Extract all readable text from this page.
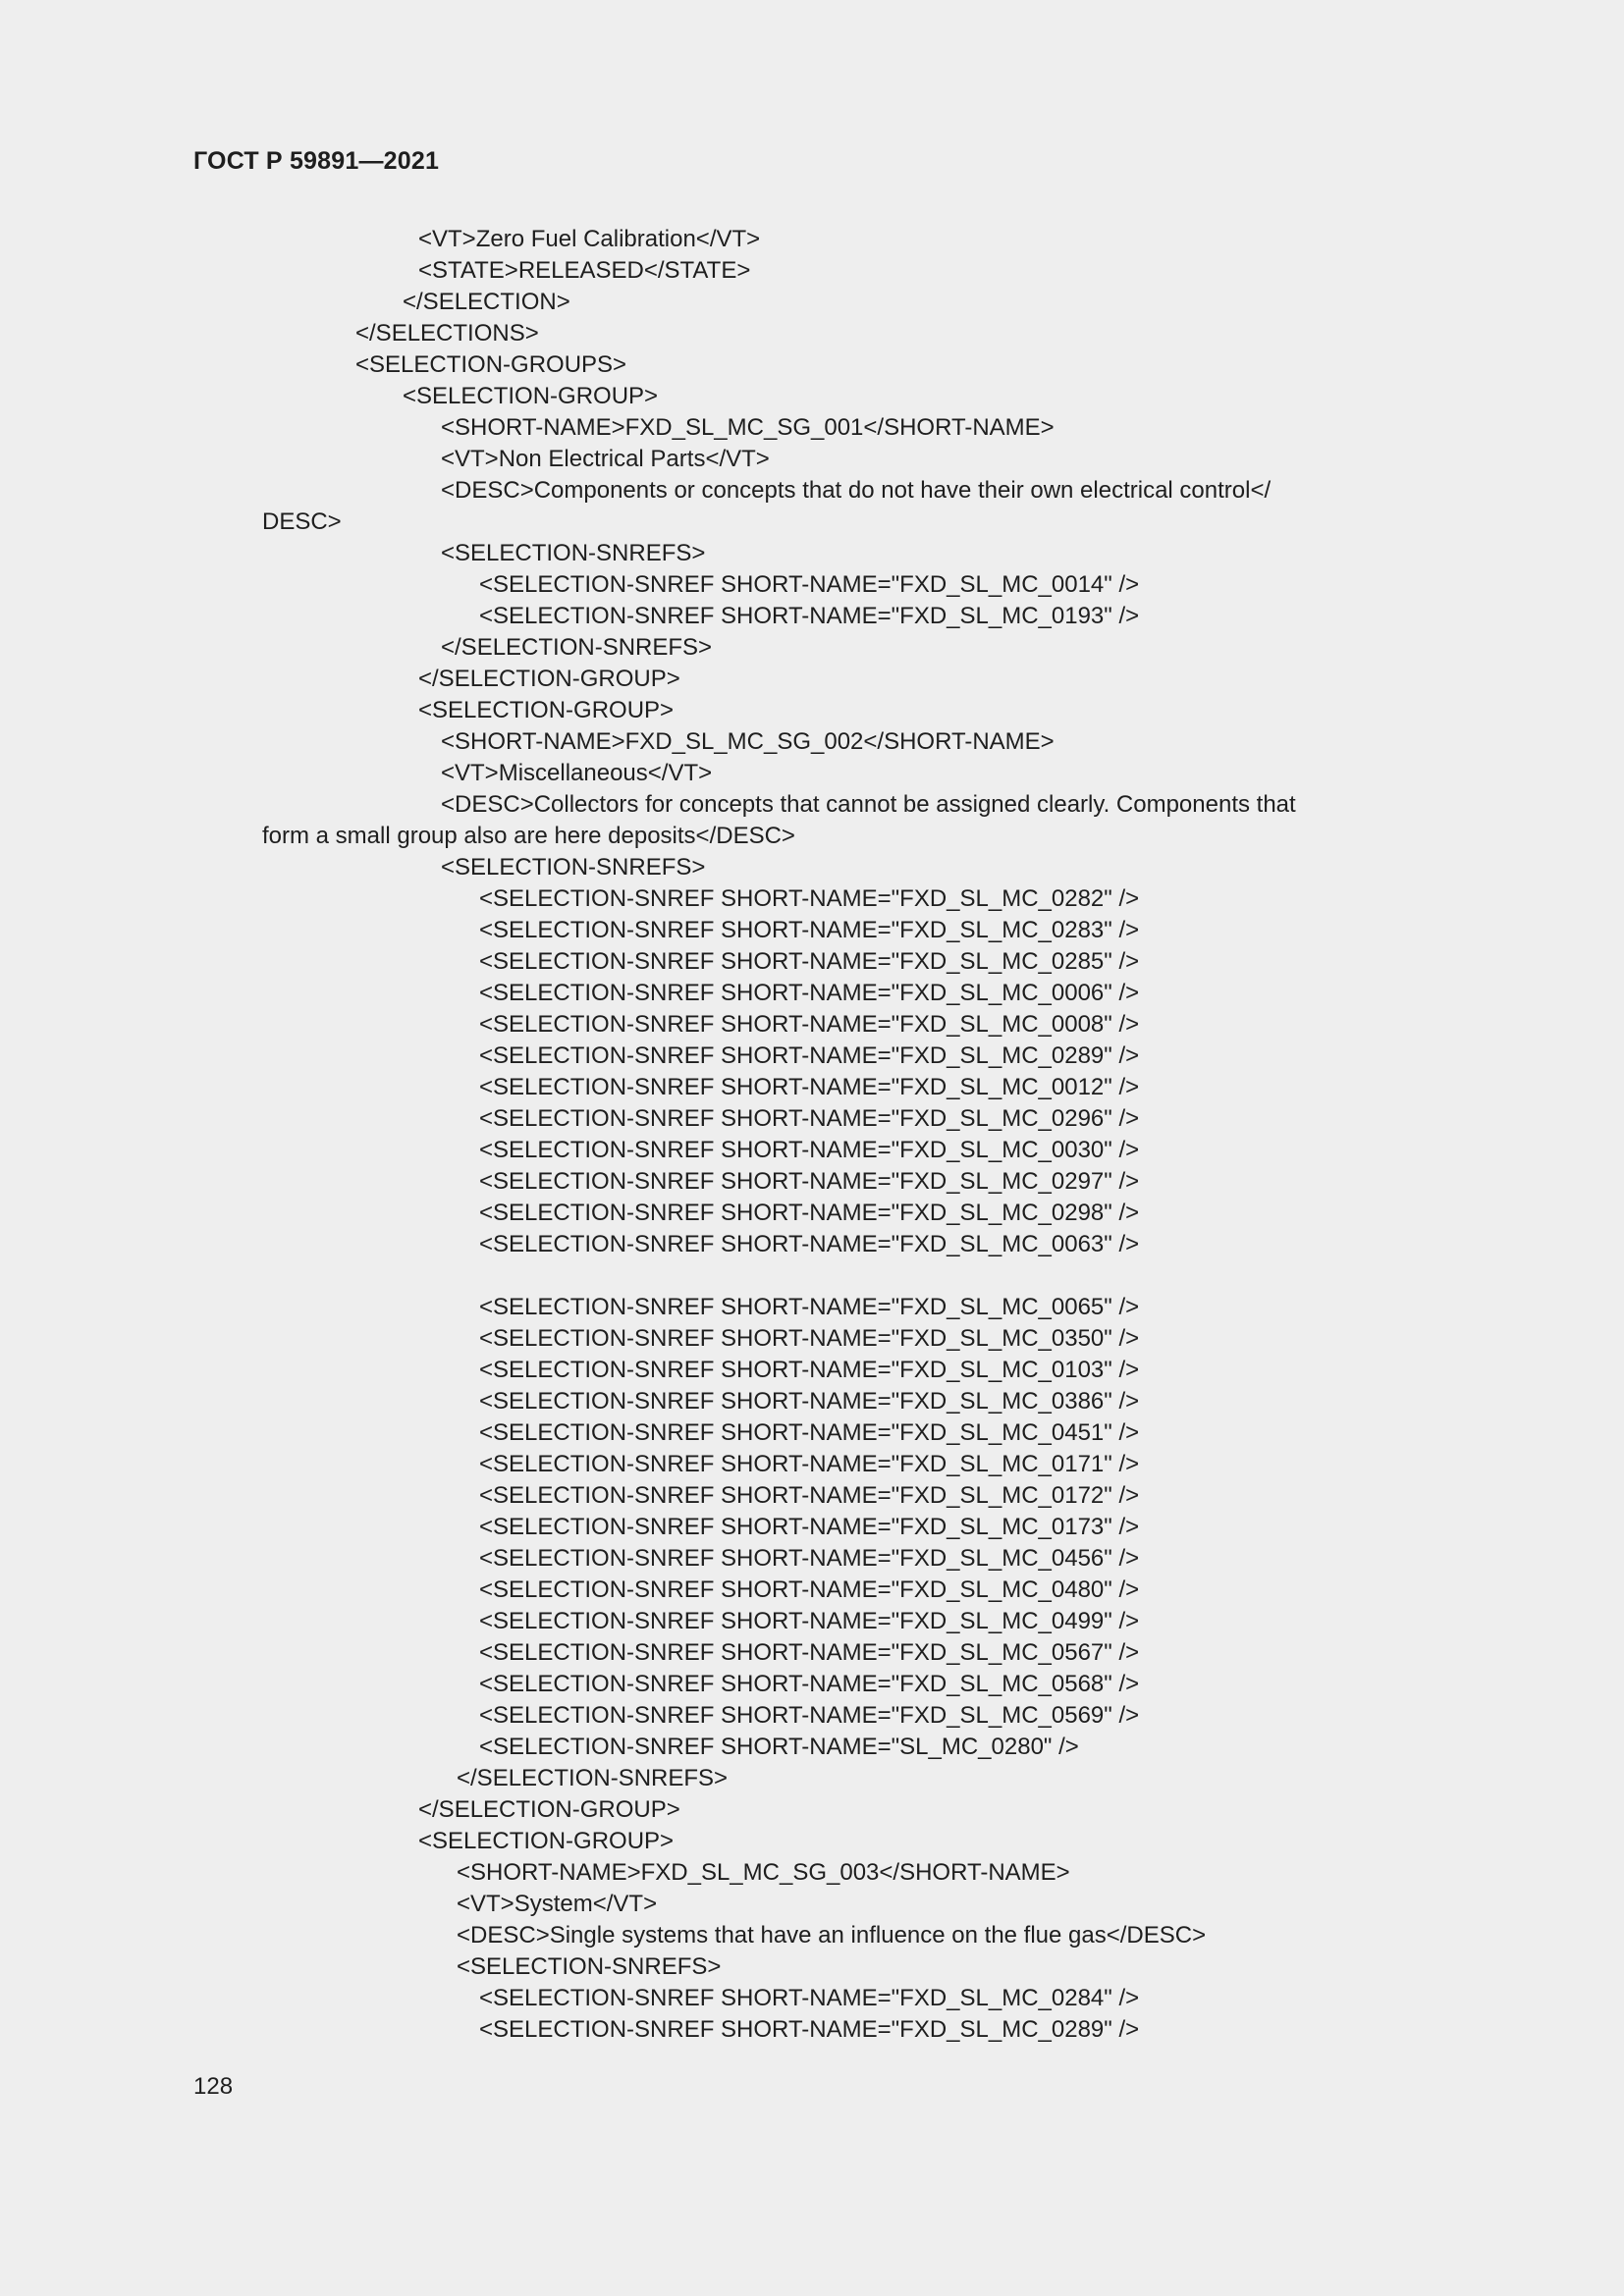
ГОСТ Р 59891—2021
<VT>Zero Fuel Calibration</VT>
<STATE>RELEASED</STATE>
</SELECTION>
</SELECTIONS>
<SELECTION-GROUPS>
<SELECTION-GROUP>
<SHORT-NAME>FXD_SL_MC_SG_001</SHORT-NAME>
<VT>Non Electrical Parts</VT>
<DESC>Components or concepts that do not have their own electrical control</
DESC>
<SELECTION-SNREFS>
<SELECTION-SNREF SHORT-NAME="FXD_SL_MC_0014" />
<SELECTION-SNREF SHORT-NAME="FXD_SL_MC_0193" />
</SELECTION-SNREFS>
</SELECTION-GROUP>
<SELECTION-GROUP>
<SHORT-NAME>FXD_SL_MC_SG_002</SHORT-NAME>
<VT>Miscellaneous</VT>
<DESC>Collectors for concepts that cannot be assigned clearly. Components that
form a small group also are here deposits</DESC>
<SELECTION-SNREFS>
<SELECTION-SNREF SHORT-NAME="FXD_SL_MC_0282" />
<SELECTION-SNREF SHORT-NAME="FXD_SL_MC_0283" />
<SELECTION-SNREF SHORT-NAME="FXD_SL_MC_0285" />
<SELECTION-SNREF SHORT-NAME="FXD_SL_MC_0006" />
<SELECTION-SNREF SHORT-NAME="FXD_SL_MC_0008" />
<SELECTION-SNREF SHORT-NAME="FXD_SL_MC_0289" />
<SELECTION-SNREF SHORT-NAME="FXD_SL_MC_0012" />
<SELECTION-SNREF SHORT-NAME="FXD_SL_MC_0296" />
<SELECTION-SNREF SHORT-NAME="FXD_SL_MC_0030" />
<SELECTION-SNREF SHORT-NAME="FXD_SL_MC_0297" />
<SELECTION-SNREF SHORT-NAME="FXD_SL_MC_0298" />
<SELECTION-SNREF SHORT-NAME="FXD_SL_MC_0063" />
<SELECTION-SNREF SHORT-NAME="FXD_SL_MC_0065" />
<SELECTION-SNREF SHORT-NAME="FXD_SL_MC_0350" />
<SELECTION-SNREF SHORT-NAME="FXD_SL_MC_0103" />
<SELECTION-SNREF SHORT-NAME="FXD_SL_MC_0386" />
<SELECTION-SNREF SHORT-NAME="FXD_SL_MC_0451" />
<SELECTION-SNREF SHORT-NAME="FXD_SL_MC_0171" />
<SELECTION-SNREF SHORT-NAME="FXD_SL_MC_0172" />
<SELECTION-SNREF SHORT-NAME="FXD_SL_MC_0173" />
<SELECTION-SNREF SHORT-NAME="FXD_SL_MC_0456" />
<SELECTION-SNREF SHORT-NAME="FXD_SL_MC_0480" />
<SELECTION-SNREF SHORT-NAME="FXD_SL_MC_0499" />
<SELECTION-SNREF SHORT-NAME="FXD_SL_MC_0567" />
<SELECTION-SNREF SHORT-NAME="FXD_SL_MC_0568" />
<SELECTION-SNREF SHORT-NAME="FXD_SL_MC_0569" />
<SELECTION-SNREF SHORT-NAME="SL_MC_0280" />
</SELECTION-SNREFS>
</SELECTION-GROUP>
<SELECTION-GROUP>
<SHORT-NAME>FXD_SL_MC_SG_003</SHORT-NAME>
<VT>System</VT>
<DESC>Single systems that have an influence on the flue gas</DESC>
<SELECTION-SNREFS>
<SELECTION-SNREF SHORT-NAME="FXD_SL_MC_0284" />
<SELECTION-SNREF SHORT-NAME="FXD_SL_MC_0289" />
128
